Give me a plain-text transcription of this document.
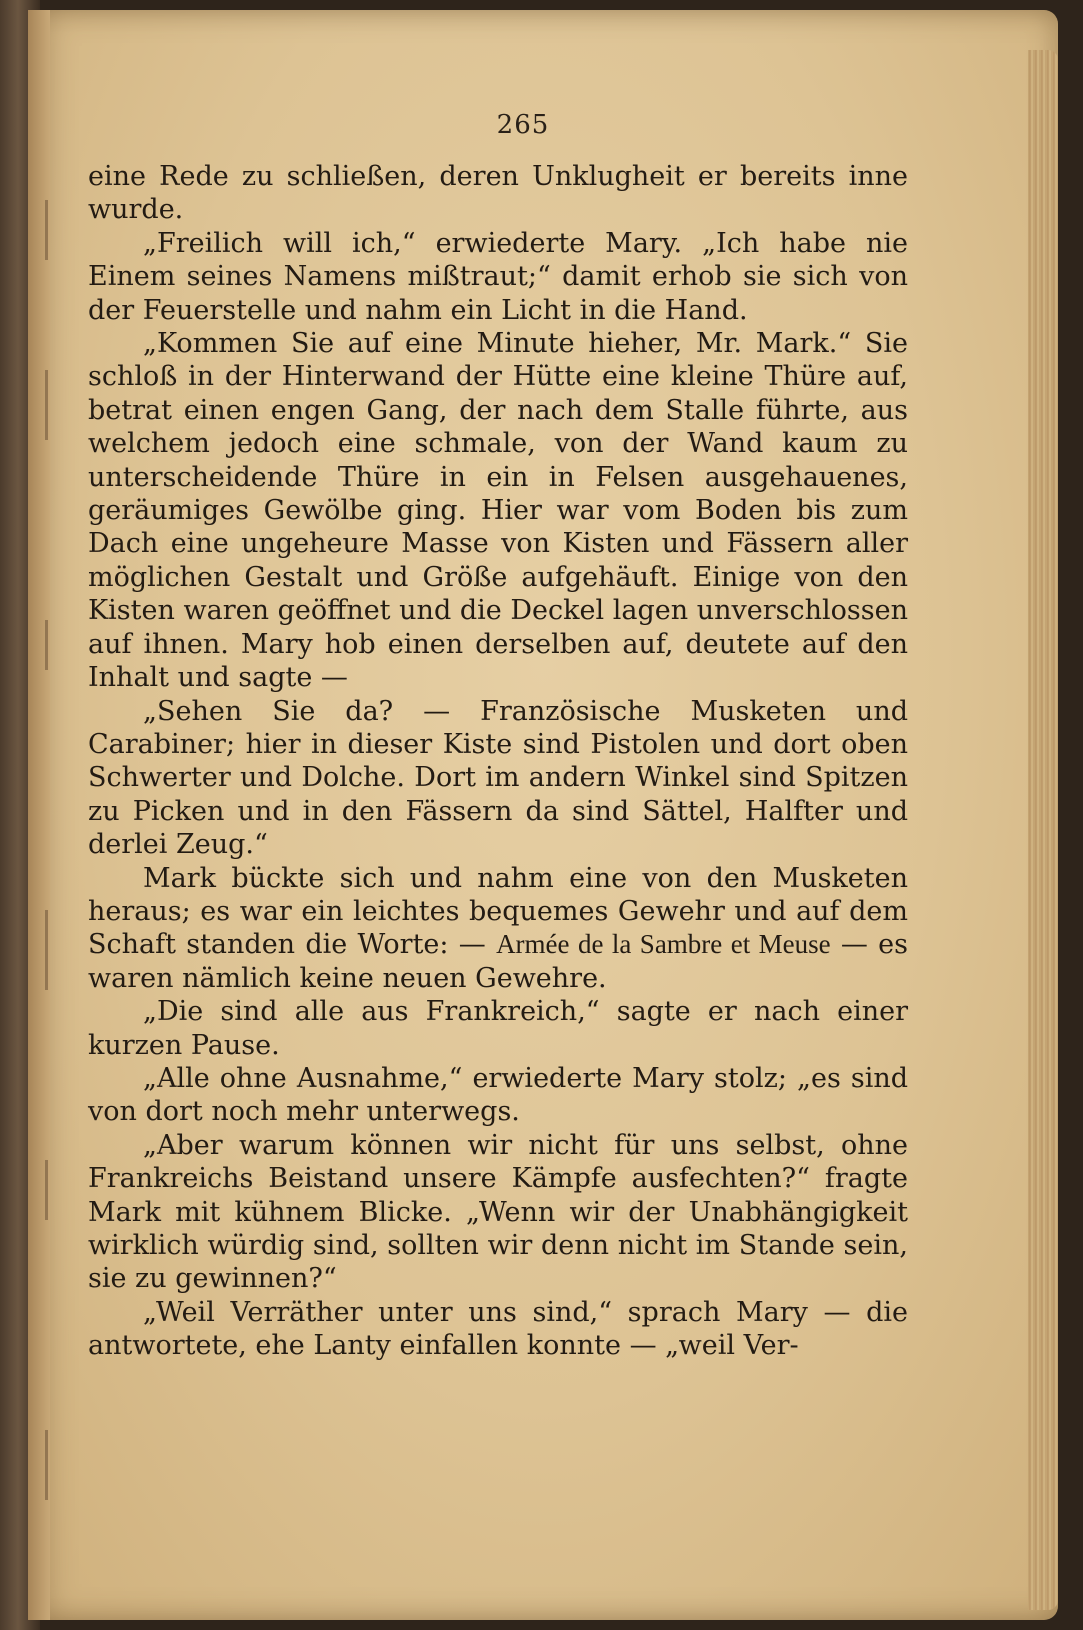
265

eine Rede zu schließen, deren Unklugheit er bereits inne wurde.

„Freilich will ich,“ erwiederte Mary. „Ich habe nie Einem seines Namens mißtraut;“ damit erhob sie sich von der Feuerstelle und nahm ein Licht in die Hand.

„Kommen Sie auf eine Minute hieher, Mr. Mark.“ Sie schloß in der Hinterwand der Hütte eine kleine Thüre auf, betrat einen engen Gang, der nach dem Stalle führte, aus welchem jedoch eine schmale, von der Wand kaum zu unterscheidende Thüre in ein in Felsen ausgehauenes, geräumiges Gewölbe ging. Hier war vom Boden bis zum Dach eine ungeheure Masse von Kisten und Fässern aller möglichen Gestalt und Größe aufgehäuft. Einige von den Kisten waren geöffnet und die Deckel lagen unverschlossen auf ihnen. Mary hob einen derselben auf, deutete auf den Inhalt und sagte —

„Sehen Sie da? — Französische Musketen und Carabiner; hier in dieser Kiste sind Pistolen und dort oben Schwerter und Dolche. Dort im andern Winkel sind Spitzen zu Picken und in den Fässern da sind Sättel, Halfter und derlei Zeug.“

Mark bückte sich und nahm eine von den Musketen heraus; es war ein leichtes bequemes Gewehr und auf dem Schaft standen die Worte: — Armée de la Sambre et Meuse — es waren nämlich keine neuen Gewehre.

„Die sind alle aus Frankreich,“ sagte er nach einer kurzen Pause.

„Alle ohne Ausnahme,“ erwiederte Mary stolz; „es sind von dort noch mehr unterwegs.

„Aber warum können wir nicht für uns selbst, ohne Frankreichs Beistand unsere Kämpfe ausfechten?“ fragte Mark mit kühnem Blicke. „Wenn wir der Unabhängigkeit wirklich würdig sind, sollten wir denn nicht im Stande sein, sie zu gewinnen?“

„Weil Verräther unter uns sind,“ sprach Mary — die antwortete, ehe Lanty einfallen konnte — „weil Ver-
